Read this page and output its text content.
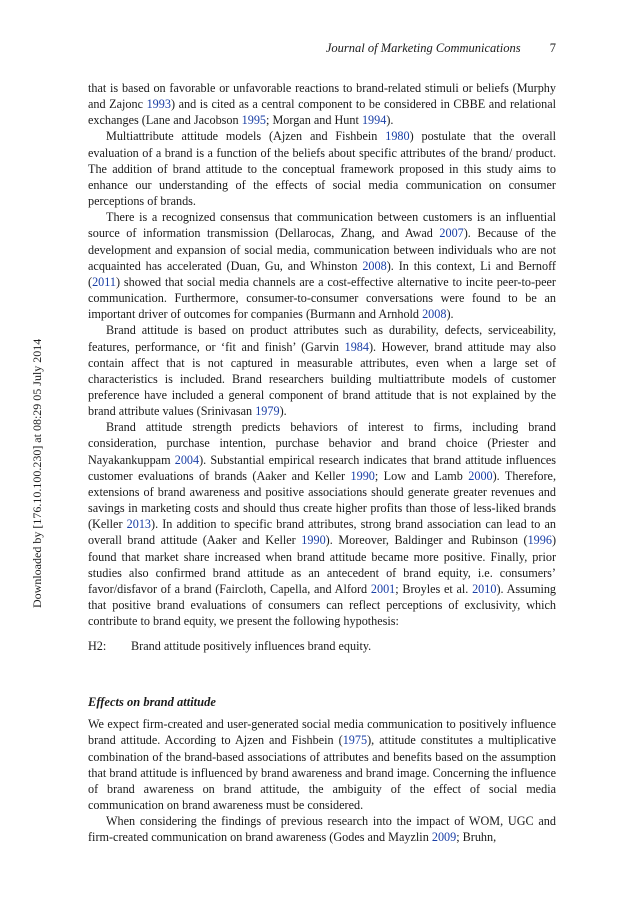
Journal of Marketing Communications 7
Downloaded by [176.10.100.230] at 08:29 05 July 2014

that is based on favorable or unfavorable reactions to brand-related stimuli or beliefs (Murphy and Zajonc 1993) and is cited as a central component to be considered in CBBE and relational exchanges (Lane and Jacobson 1995; Morgan and Hunt 1994).

Multiattribute attitude models (Ajzen and Fishbein 1980) postulate that the overall evaluation of a brand is a function of the beliefs about specific attributes of the brand/ product. The addition of brand attitude to the conceptual framework proposed in this study aims to enhance our understanding of the effects of social media communication on consumer perceptions of brands.

There is a recognized consensus that communication between customers is an influential source of information transmission (Dellarocas, Zhang, and Awad 2007). Because of the development and expansion of social media, communication between individuals who are not acquainted has accelerated (Duan, Gu, and Whinston 2008). In this context, Li and Bernoff (2011) showed that social media channels are a cost-effective alternative to incite peer-to-peer communication. Furthermore, consumer-to-consumer conversations were found to be an important driver of outcomes for companies (Burmann and Arnhold 2008).

Brand attitude is based on product attributes such as durability, defects, serviceability, features, performance, or ‘fit and finish’ (Garvin 1984). However, brand attitude may also contain affect that is not captured in measurable attributes, even when a large set of characteristics is included. Brand researchers building multiattribute models of customer preference have included a general component of brand attitude that is not explained by the brand attribute values (Srinivasan 1979).

Brand attitude strength predicts behaviors of interest to firms, including brand consideration, purchase intention, purchase behavior and brand choice (Priester and Nayakankuppam 2004). Substantial empirical research indicates that brand attitude influences customer evaluations of brands (Aaker and Keller 1990; Low and Lamb 2000). Therefore, extensions of brand awareness and positive associations should generate greater revenues and savings in marketing costs and should thus create higher profits than those of less-liked brands (Keller 2013). In addition to specific brand attributes, strong brand association can lead to an overall brand attitude (Aaker and Keller 1990). Moreover, Baldinger and Rubinson (1996) found that market share increased when brand attitude became more positive. Finally, prior studies also confirmed brand attitude as an antecedent of brand equity, i.e. consumers’ favor/disfavor of a brand (Faircloth, Capella, and Alford 2001; Broyles et al. 2010). Assuming that positive brand evaluations of consumers can reflect perceptions of exclusivity, which contribute to brand equity, we present the following hypothesis:

H2:	Brand attitude positively influences brand equity.
Effects on brand attitude

We expect firm-created and user-generated social media communication to positively influence brand attitude. According to Ajzen and Fishbein (1975), attitude constitutes a multiplicative combination of the brand-based associations of attributes and benefits based on the assumption that brand attitude is influenced by brand awareness and brand image. Concerning the influence of brand awareness on brand attitude, the ambiguity of the effect of social media communication on brand awareness must be considered.

When considering the findings of previous research into the impact of WOM, UGC and firm-created communication on brand awareness (Godes and Mayzlin 2009; Bruhn,
